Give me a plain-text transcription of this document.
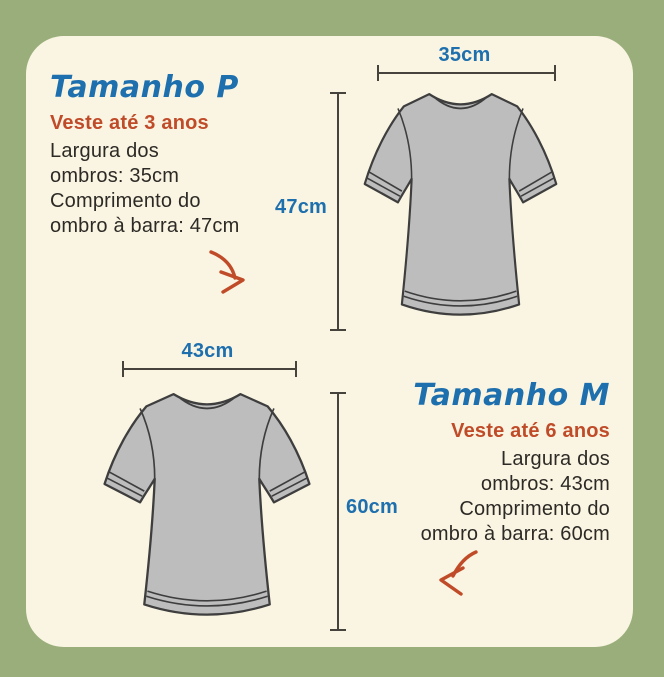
Tamanho P
Veste até 3 anos
Largura dos
ombros: 35cm
Comprimento do
ombro à barra: 47cm
35cm
47cm
43cm
60cm
Tamanho M
Veste até 6 anos
Largura dos
ombros: 43cm
Comprimento do
ombro à barra: 60cm
